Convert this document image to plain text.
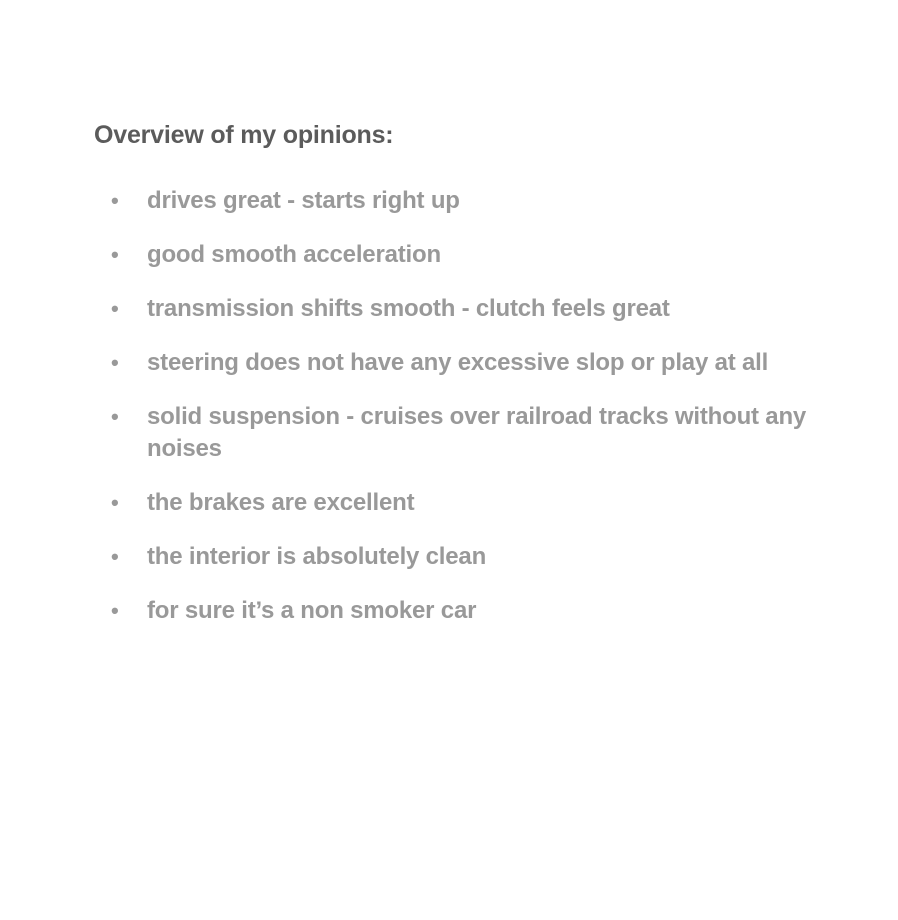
Overview of my opinions:
• drives great - starts right up
• good smooth acceleration
• transmission shifts smooth - clutch feels great
• steering does not have any excessive slop or play at all
• solid suspension - cruises over railroad tracks without any noises
• the brakes are excellent
• the interior is absolutely clean
• for sure it’s a non smoker car
